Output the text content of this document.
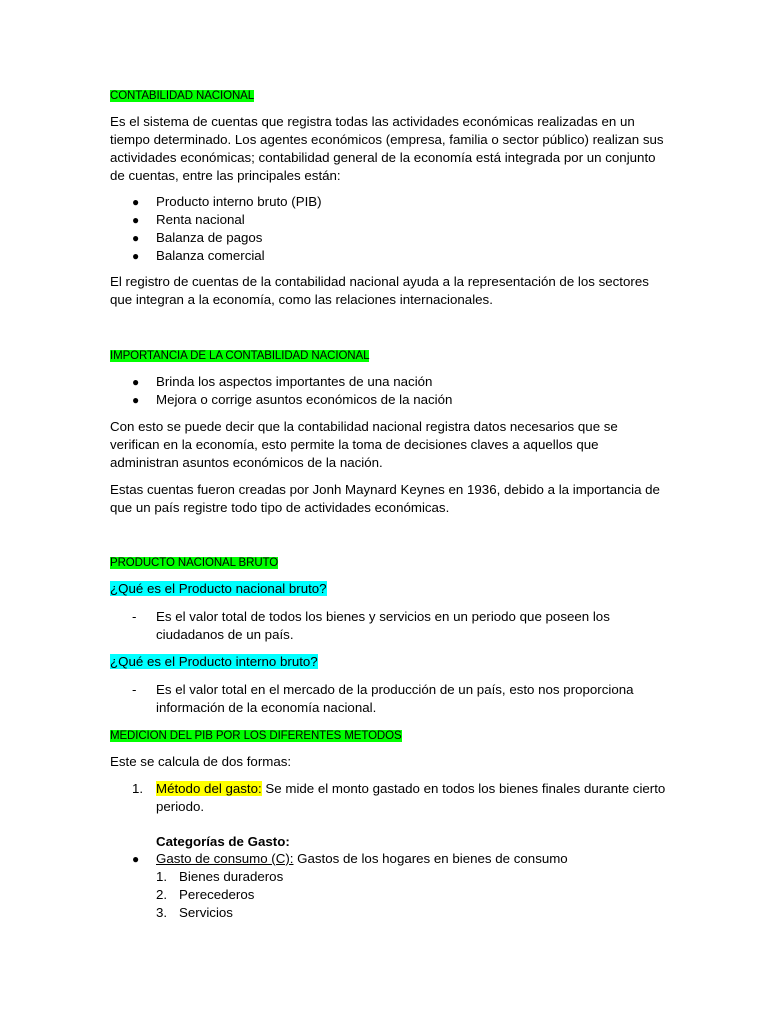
CONTABILIDAD NACIONAL
Es el sistema de cuentas que registra todas las actividades económicas realizadas en un tiempo determinado. Los agentes económicos (empresa, familia o sector público) realizan sus actividades económicas; contabilidad general de la economía está integrada por un conjunto de cuentas, entre las principales están:
● Producto interno bruto (PIB)
● Renta nacional
● Balanza de pagos
● Balanza comercial
El registro de cuentas de la contabilidad nacional ayuda a la representación de los sectores que integran a la economía, como las relaciones internacionales.
IMPORTANCIA DE LA CONTABILIDAD NACIONAL
● Brinda los aspectos importantes de una nación
● Mejora o corrige asuntos económicos de la nación
Con esto se puede decir que la contabilidad nacional registra datos necesarios que se verifican en la economía, esto permite la toma de decisiones claves a aquellos que administran asuntos económicos de la nación.
Estas cuentas fueron creadas por Jonh Maynard Keynes en 1936, debido a la importancia de que un país registre todo tipo de actividades económicas.
PRODUCTO NACIONAL BRUTO
¿Qué es el Producto nacional bruto?
- Es el valor total de todos los bienes y servicios en un periodo que poseen los ciudadanos de un país.
¿Qué es el Producto interno bruto?
- Es el valor total en el mercado de la producción de un país, esto nos proporciona información de la economía nacional.
MEDICION DEL PIB POR LOS DIFERENTES METODOS
Este se calcula de dos formas:
1. Método del gasto: Se mide el monto gastado en todos los bienes finales durante cierto periodo.
Categorías de Gasto:
● Gasto de consumo (C): Gastos de los hogares en bienes de consumo
1. Bienes duraderos
2. Perecederos
3. Servicios
